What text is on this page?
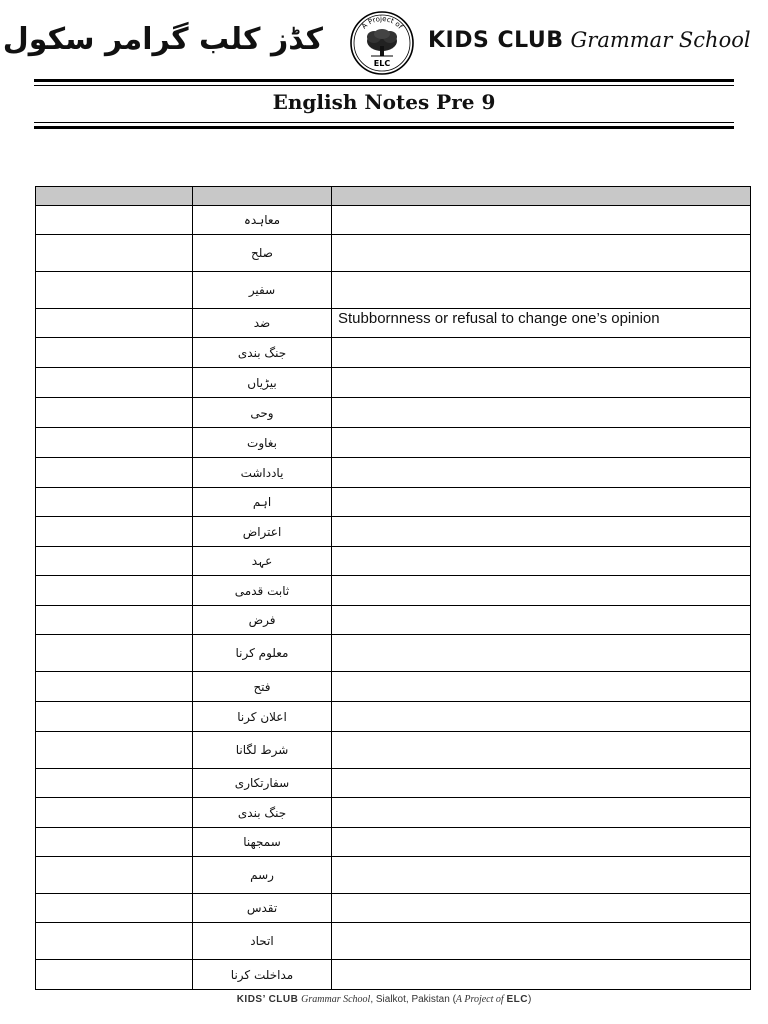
کڈز کلب گرامر سکول	A Project of
ELC
KIDS CLUB Grammar School
English Notes Pre 9

	معاہدہ	
	صلح	
	سفیر	
	ضد	Stubbornness or refusal to change one’s opinion
	جنگ بندی	
	بیڑیاں	
	وحی	
	بغاوت	
	یادداشت	
	اہم	
	اعتراض	
	عہد	
	ثابت قدمی	
	فرض	
	معلوم کرنا	
	فتح	
	اعلان کرنا	
	شرط لگانا	
	سفارتکاری	
	جنگ بندی	
	سمجھنا	
	رسم	
	تقدس	
	اتحاد	
	مداخلت کرنا	
KIDS’ CLUB Grammar School, Sialkot, Pakistan (A Project of ELC)
